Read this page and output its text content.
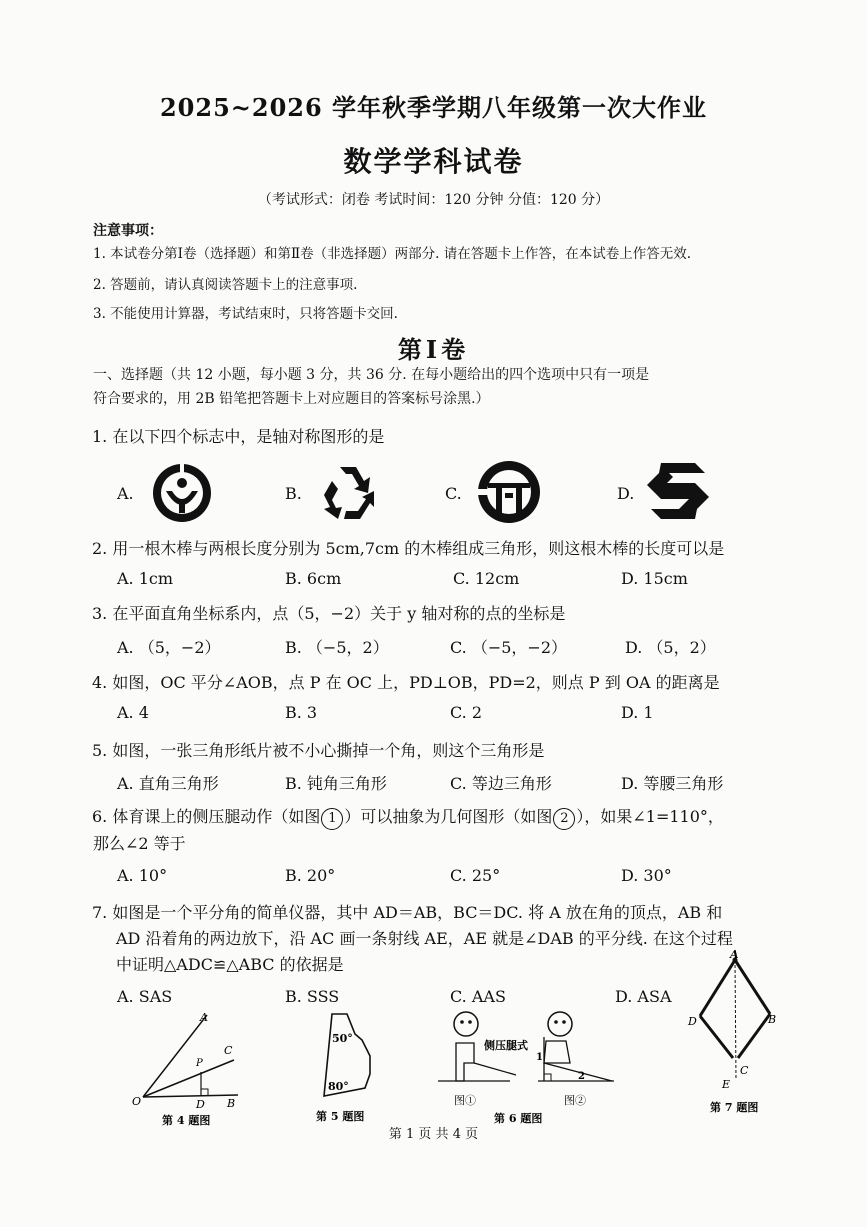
2025~2026 学年秋季学期八年级第一次大作业
数学学科试卷
（考试形式：闭卷 考试时间：120 分钟 分值：120 分）
注意事项：
1. 本试卷分第Ⅰ卷（选择题）和第Ⅱ卷（非选择题）两部分. 请在答题卡上作答，在本试卷上作答无效.
2. 答题前，请认真阅读答题卡上的注意事项.
3. 不能使用计算器，考试结束时，只将答题卡交回.
第Ⅰ卷
一、选择题（共 12 小题，每小题 3 分，共 36 分. 在每小题给出的四个选项中只有一项是
符合要求的，用 2B 铅笔把答题卡上对应题目的答案标号涂黑.）
1. 在以下四个标志中，是轴对称图形的是
A.	B.	C.	D.
2. 用一根木棒与两根长度分别为 5cm,7cm 的木棒组成三角形，则这根木棒的长度可以是
A. 1cm	B. 6cm	C. 12cm	D. 15cm
3. 在平面直角坐标系内，点（5，−2）关于 y 轴对称的点的坐标是
A. （5，−2）	B. （−5，2）	C. （−5，−2）	D. （5，2）
4. 如图，OC 平分∠AOB，点 P 在 OC 上，PD⊥OB，PD=2，则点 P 到 OA 的距离是
A. 4	B. 3	C. 2	D. 1
5. 如图，一张三角形纸片被不小心撕掉一个角，则这个三角形是
A. 直角三角形	B. 钝角三角形	C. 等边三角形	D. 等腰三角形
6. 体育课上的侧压腿动作（如图 1 ）可以抽象为几何图形（如图 2 ），如果∠1=110°，
那么∠2 等于
A. 10°	B. 20°	C. 25°	D. 30°
7. 如图是一个平分角的简单仪器，其中 AD＝AB，BC＝DC. 将 A 放在角的顶点，AB 和
AD 沿着角的两边放下，沿 AC 画一条射线 AE，AE 就是∠DAB 的平分线. 在这个过程
中证明△ADC≌△ABC 的依据是
A. SAS	B. SSS	C. AAS	D. ASA
A
C
P
O	D B
第 4 题图
50°
80°
第 5 题图
侧压腿式
1
2
图①	图②
第 6 题图
A
D	B
C
E
第 7 题图
第 1 页 共 4 页
